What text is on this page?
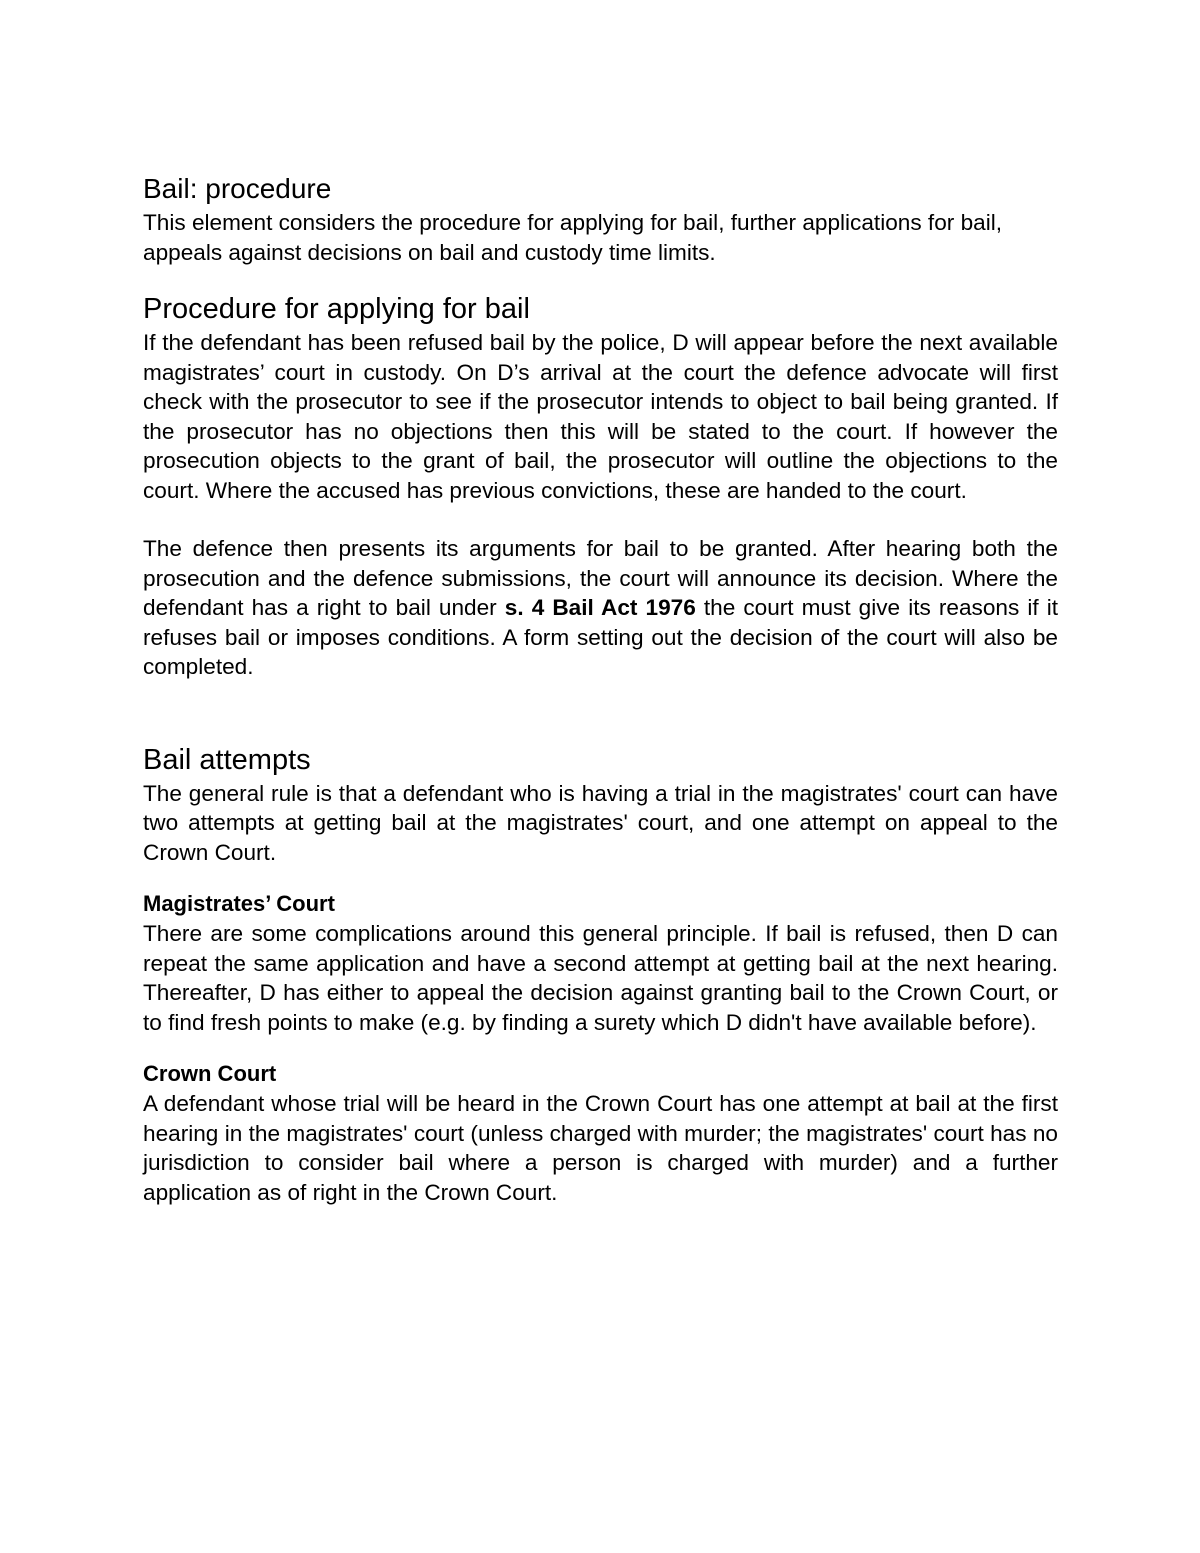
Bail: procedure

This element considers the procedure for applying for bail, further applications for bail, appeals against decisions on bail and custody time limits.

Procedure for applying for bail

If the defendant has been refused bail by the police, D will appear before the next available magistrates’ court in custody. On D’s arrival at the court the defence advocate will first check with the prosecutor to see if the prosecutor intends to object to bail being granted. If the prosecutor has no objections then this will be stated to the court. If however the prosecution objects to the grant of bail, the prosecutor will outline the objections to the court. Where the accused has previous convictions, these are handed to the court.

The defence then presents its arguments for bail to be granted. After hearing both the prosecution and the defence submissions, the court will announce its decision. Where the defendant has a right to bail under s. 4 Bail Act 1976 the court must give its reasons if it refuses bail or imposes conditions. A form setting out the decision of the court will also be completed.

Bail attempts

The general rule is that a defendant who is having a trial in the magistrates' court can have two attempts at getting bail at the magistrates' court, and one attempt on appeal to the Crown Court.

Magistrates’ Court

There are some complications around this general principle. If bail is refused, then D can repeat the same application and have a second attempt at getting bail at the next hearing. Thereafter, D has either to appeal the decision against granting bail to the Crown Court, or to find fresh points to make (e.g. by finding a surety which D didn't have available before).

Crown Court

A defendant whose trial will be heard in the Crown Court has one attempt at bail at the first hearing in the magistrates' court (unless charged with murder; the magistrates' court has no jurisdiction to consider bail where a person is charged with murder) and a further application as of right in the Crown Court.
